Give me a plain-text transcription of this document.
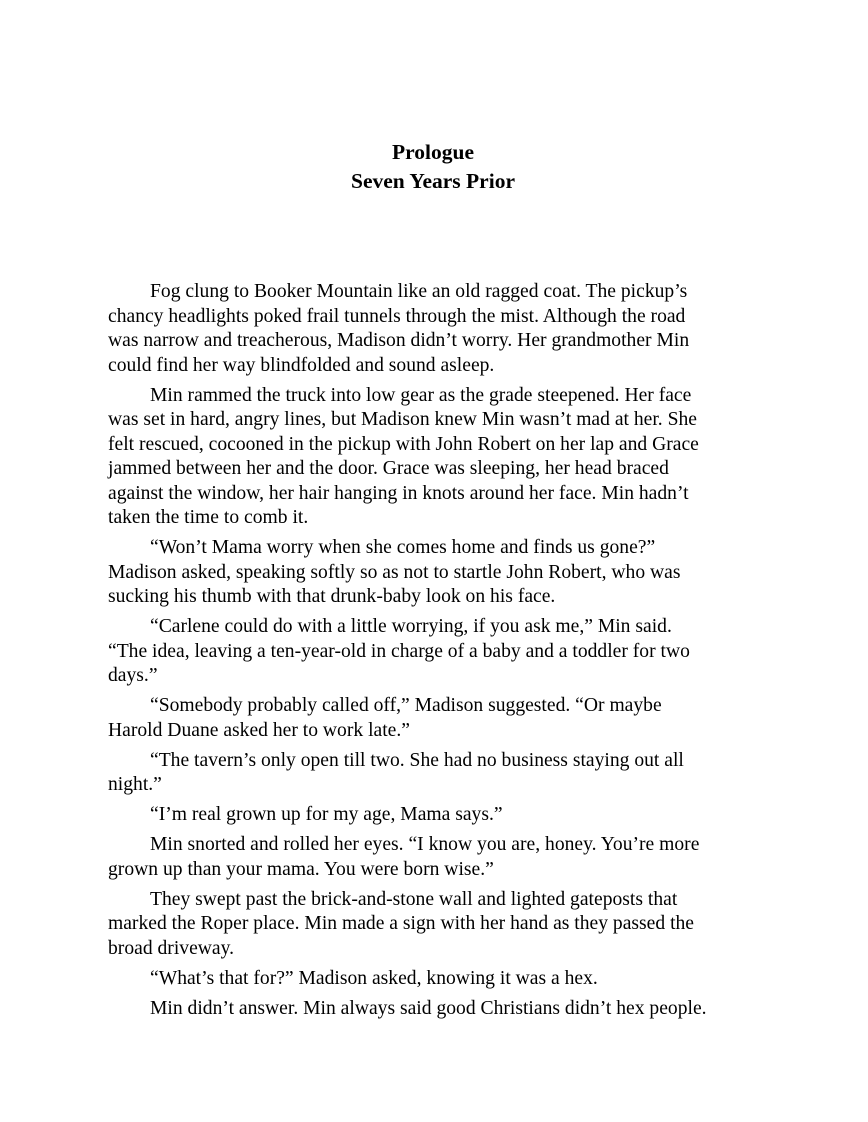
Prologue
Seven Years Prior

Fog clung to Booker Mountain like an old ragged coat. The pickup’s
chancy headlights poked frail tunnels through the mist. Although the road
was narrow and treacherous, Madison didn’t worry. Her grandmother Min
could find her way blindfolded and sound asleep.

Min rammed the truck into low gear as the grade steepened. Her face
was set in hard, angry lines, but Madison knew Min wasn’t mad at her. She
felt rescued, cocooned in the pickup with John Robert on her lap and Grace
jammed between her and the door. Grace was sleeping, her head braced
against the window, her hair hanging in knots around her face. Min hadn’t
taken the time to comb it.

“Won’t Mama worry when she comes home and finds us gone?”
Madison asked, speaking softly so as not to startle John Robert, who was
sucking his thumb with that drunk-baby look on his face.

“Carlene could do with a little worrying, if you ask me,” Min said.
“The idea, leaving a ten-year-old in charge of a baby and a toddler for two
days.”

“Somebody probably called off,” Madison suggested. “Or maybe
Harold Duane asked her to work late.”

“The tavern’s only open till two. She had no business staying out all
night.”

“I’m real grown up for my age, Mama says.”

Min snorted and rolled her eyes. “I know you are, honey. You’re more
grown up than your mama. You were born wise.”

They swept past the brick-and-stone wall and lighted gateposts that
marked the Roper place. Min made a sign with her hand as they passed the
broad driveway.

“What’s that for?” Madison asked, knowing it was a hex.

Min didn’t answer. Min always said good Christians didn’t hex people.
